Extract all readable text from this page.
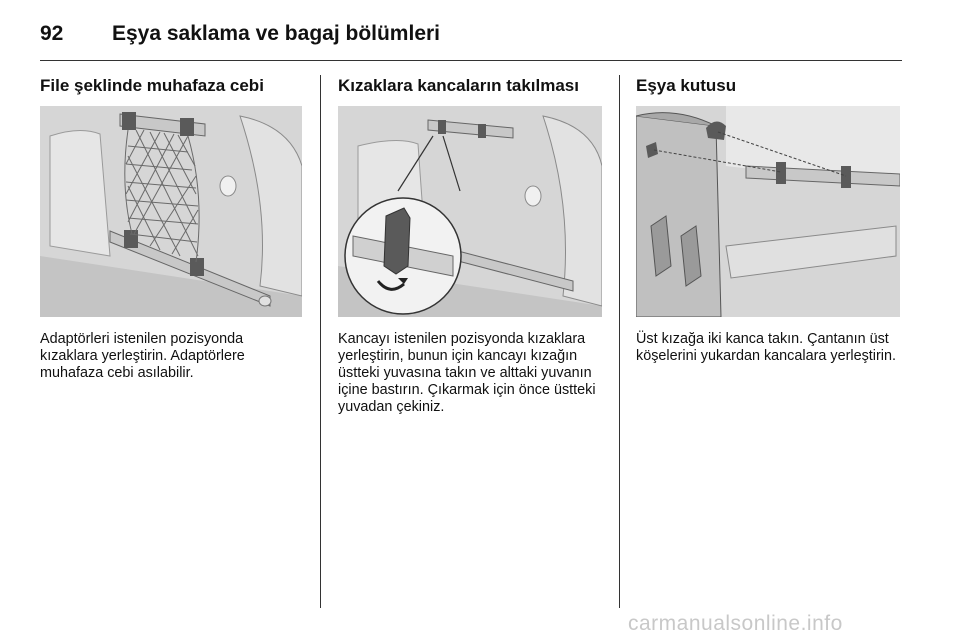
92 Eşya saklama ve bagaj bölümleri
File şeklinde muhafaza cebi

Adaptörleri istenilen pozisyonda kızaklara yerleştirin. Adaptörlere muhafaza cebi asılabilir.

Kızaklara kancaların takılması

Kancayı istenilen pozisyonda kızaklara yerleştirin, bunun için kancayı kızağın üstteki yuvasına takın ve alttaki yuvanın içine bastırın. Çıkarmak için önce üstteki yuvadan çekiniz.

Eşya kutusu

Üst kızağa iki kanca takın. Çantanın üst köşelerini yukardan kancalara yerleştirin.

carmanualsonline.info
